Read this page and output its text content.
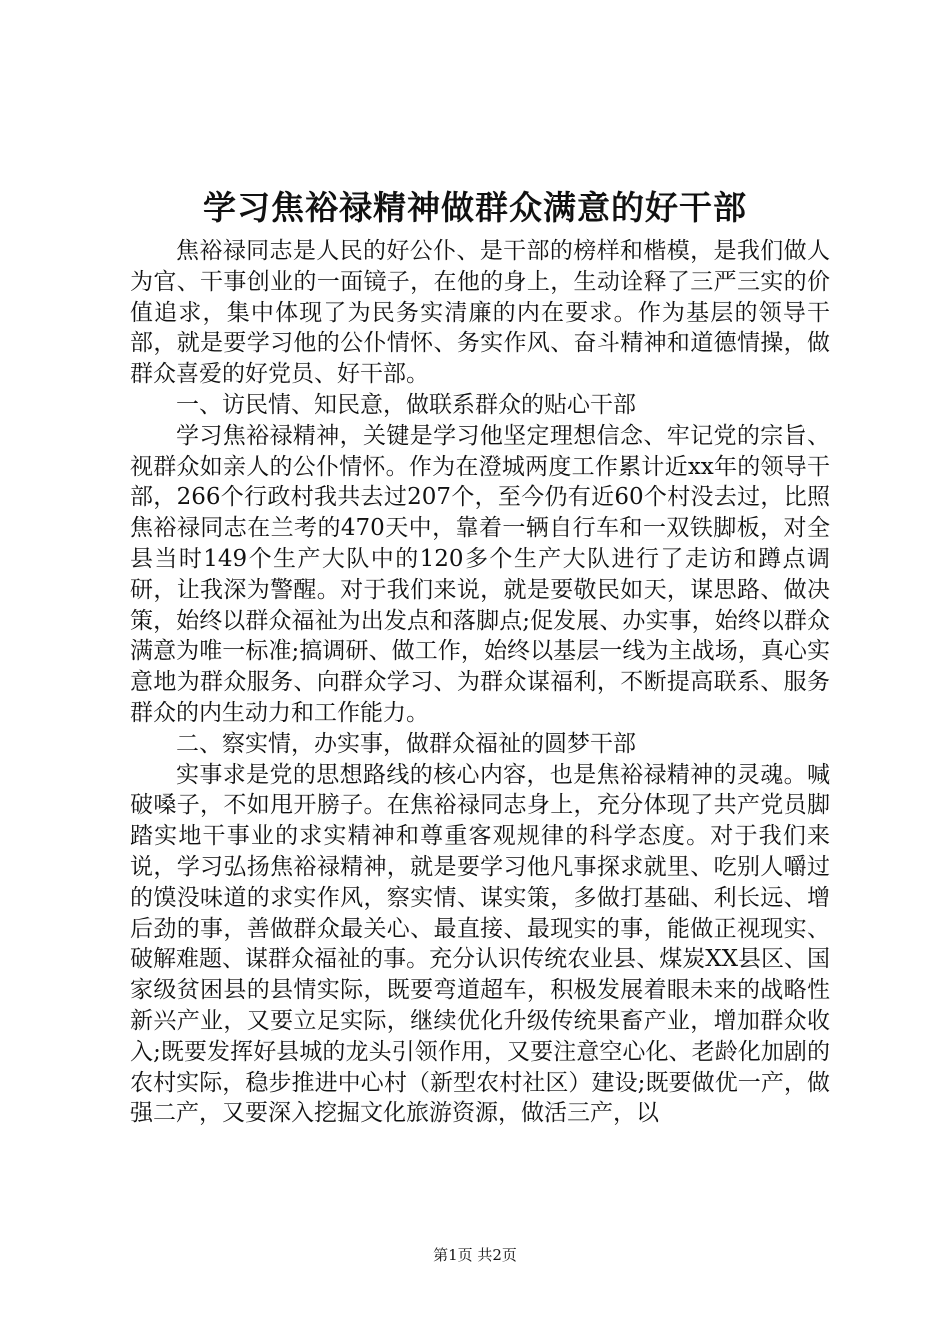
学习焦裕禄精神做群众满意的好干部

焦裕禄同志是人民的好公仆、是干部的榜样和楷模，是我们做人为官、干事创业的一面镜子，在他的身上，生动诠释了三严三实的价值追求，集中体现了为民务实清廉的内在要求。作为基层的领导干部，就是要学习他的公仆情怀、务实作风、奋斗精神和道德情操，做群众喜爱的好党员、好干部。

一、访民情、知民意，做联系群众的贴心干部

学习焦裕禄精神，关键是学习他坚定理想信念、牢记党的宗旨、视群众如亲人的公仆情怀。作为在澄城两度工作累计近xx年的领导干部，266个行政村我共去过207个，至今仍有近60个村没去过，比照焦裕禄同志在兰考的470天中，靠着一辆自行车和一双铁脚板，对全县当时149个生产大队中的120多个生产大队进行了走访和蹲点调研，让我深为警醒。对于我们来说，就是要敬民如天，谋思路、做决策，始终以群众福祉为出发点和落脚点;促发展、办实事，始终以群众满意为唯一标准;搞调研、做工作，始终以基层一线为主战场，真心实意地为群众服务、向群众学习、为群众谋福利，不断提高联系、服务群众的内生动力和工作能力。

二、察实情，办实事，做群众福祉的圆梦干部

实事求是党的思想路线的核心内容，也是焦裕禄精神的灵魂。喊破嗓子，不如甩开膀子。在焦裕禄同志身上，充分体现了共产党员脚踏实地干事业的求实精神和尊重客观规律的科学态度。对于我们来说，学习弘扬焦裕禄精神，就是要学习他凡事探求就里、吃别人嚼过的馍没味道的求实作风，察实情、谋实策，多做打基础、利长远、增后劲的事，善做群众最关心、最直接、最现实的事，能做正视现实、破解难题、谋群众福祉的事。充分认识传统农业县、煤炭XX县区、国家级贫困县的县情实际，既要弯道超车，积极发展着眼未来的战略性新兴产业，又要立足实际，继续优化升级传统果畜产业，增加群众收入;既要发挥好县城的龙头引领作用，又要注意空心化、老龄化加剧的农村实际，稳步推进中心村（新型农村社区）建设;既要做优一产，做强二产，又要深入挖掘文化旅游资源，做活三产，以

第1页 共2页
